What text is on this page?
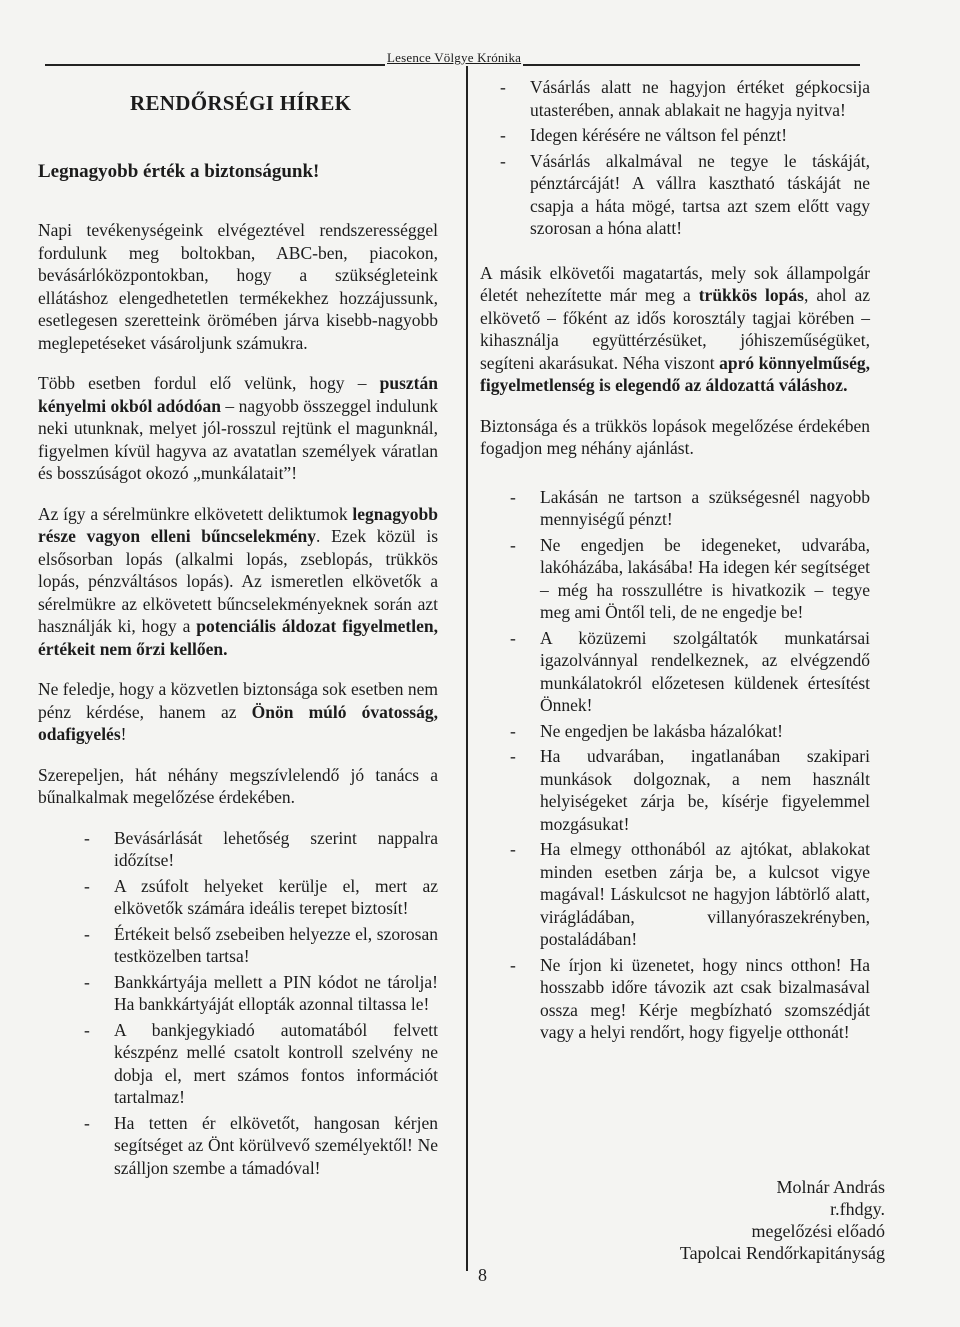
Lesence Völgye Krónika
RENDŐRSÉGI HÍREK
Legnagyobb érték a biztonságunk!

Napi tevékenységeink elvégeztével rendszerességgel fordulunk meg boltokban, ABC-ben, piacokon, bevásárlóközpontokban, hogy a szükségleteink ellátáshoz elengedhetetlen termékekhez hozzájussunk, esetlegesen szeretteink örömében járva kisebb-nagyobb meglepetéseket vásároljunk számukra.

Több esetben fordul elő velünk, hogy – pusztán kényelmi okból adódóan – nagyobb összeggel indulunk neki utunknak, melyet jól-rosszul rejtünk el magunknál, figyelmen kívül hagyva az avatatlan személyek váratlan és bosszúságot okozó „munkálatait”!

Az így a sérelmünkre elkövetett deliktumok legnagyobb része vagyon elleni bűncselekmény. Ezek közül is elsősorban lopás (alkalmi lopás, zseblopás, trükkös lopás, pénzváltásos lopás). Az ismeretlen elkövetők a sérelmükre az elkövetett bűncselekményeknek során azt használják ki, hogy a potenciális áldozat figyelmetlen, értékeit nem őrzi kellően.

Ne feledje, hogy a közvetlen biztonsága sok esetben nem pénz kérdése, hanem az Önön múló óvatosság, odafigyelés!

Szerepeljen, hát néhány megszívlelendő jó tanács a bűnalkalmak megelőzése érdekében.

- Bevásárlását lehetőség szerint nappalra időzítse!
- A zsúfolt helyeket kerülje el, mert az elkövetők számára ideális terepet biztosít!
- Értékeit belső zsebeiben helyezze el, szorosan testközelben tartsa!
- Bankkártyája mellett a PIN kódot ne tárolja! Ha bankkártyáját ellopták azonnal tiltassa le!
- A bankjegykiadó automatából felvett készpénz mellé csatolt kontroll szelvény ne dobja el, mert számos fontos információt tartalmaz!
- Ha tetten ér elkövetőt, hangosan kérjen segítséget az Önt körülvevő személyektől! Ne szálljon szembe a támadóval!
- Vásárlás alatt ne hagyjon értéket gépkocsija utasterében, annak ablakait ne hagyja nyitva!
- Idegen kérésére ne váltson fel pénzt!
- Vásárlás alkalmával ne tegye le táskáját, pénztárcáját! A vállra kasztható táskáját ne csapja a háta mögé, tartsa azt szem előtt vagy szorosan a hóna alatt!

A másik elkövetői magatartás, mely sok állampolgár életét nehezítette már meg a trükkös lopás, ahol az elkövető – főként az idős korosztály tagjai körében – kihasználja együttérzésüket, jóhiszeműségüket, segíteni akarásukat. Néha viszont apró könnyelműség, figyelmetlenség is elegendő az áldozattá váláshoz.

Biztonsága és a trükkös lopások megelőzése érdekében fogadjon meg néhány ajánlást.

- Lakásán ne tartson a szükségesnél nagyobb mennyiségű pénzt!
- Ne engedjen be idegeneket, udvarába, lakóházába, lakásába! Ha idegen kér segítséget – még ha rosszullétre is hivatkozik – tegye meg ami Öntől teli, de ne engedje be!
- A közüzemi szolgáltatók munkatársai igazolvánnyal rendelkeznek, az elvégzendő munkálatokról előzetesen küldenek értesítést Önnek!
- Ne engedjen be lakásba házalókat!
- Ha udvarában, ingatlanában szakipari munkások dolgoznak, a nem használt helyiségeket zárja be, kísérje figyelemmel mozgásukat!
- Ha elmegy otthonából az ajtókat, ablakokat minden esetben zárja be, a kulcsot vigye magával! Láskulcsot ne hagyjon lábtörlő alatt, virágládában, villanyóraszekrényben, postaládában!
- Ne írjon ki üzenetet, hogy nincs otthon! Ha hosszabb időre távozik azt csak bizalmasával ossza meg! Kérje megbízható szomszédját vagy a helyi rendőrt, hogy figyelje otthonát!
Molnár András
r.fhdgy.
megelőzési előadó
Tapolcai Rendőrkapitányság
8
